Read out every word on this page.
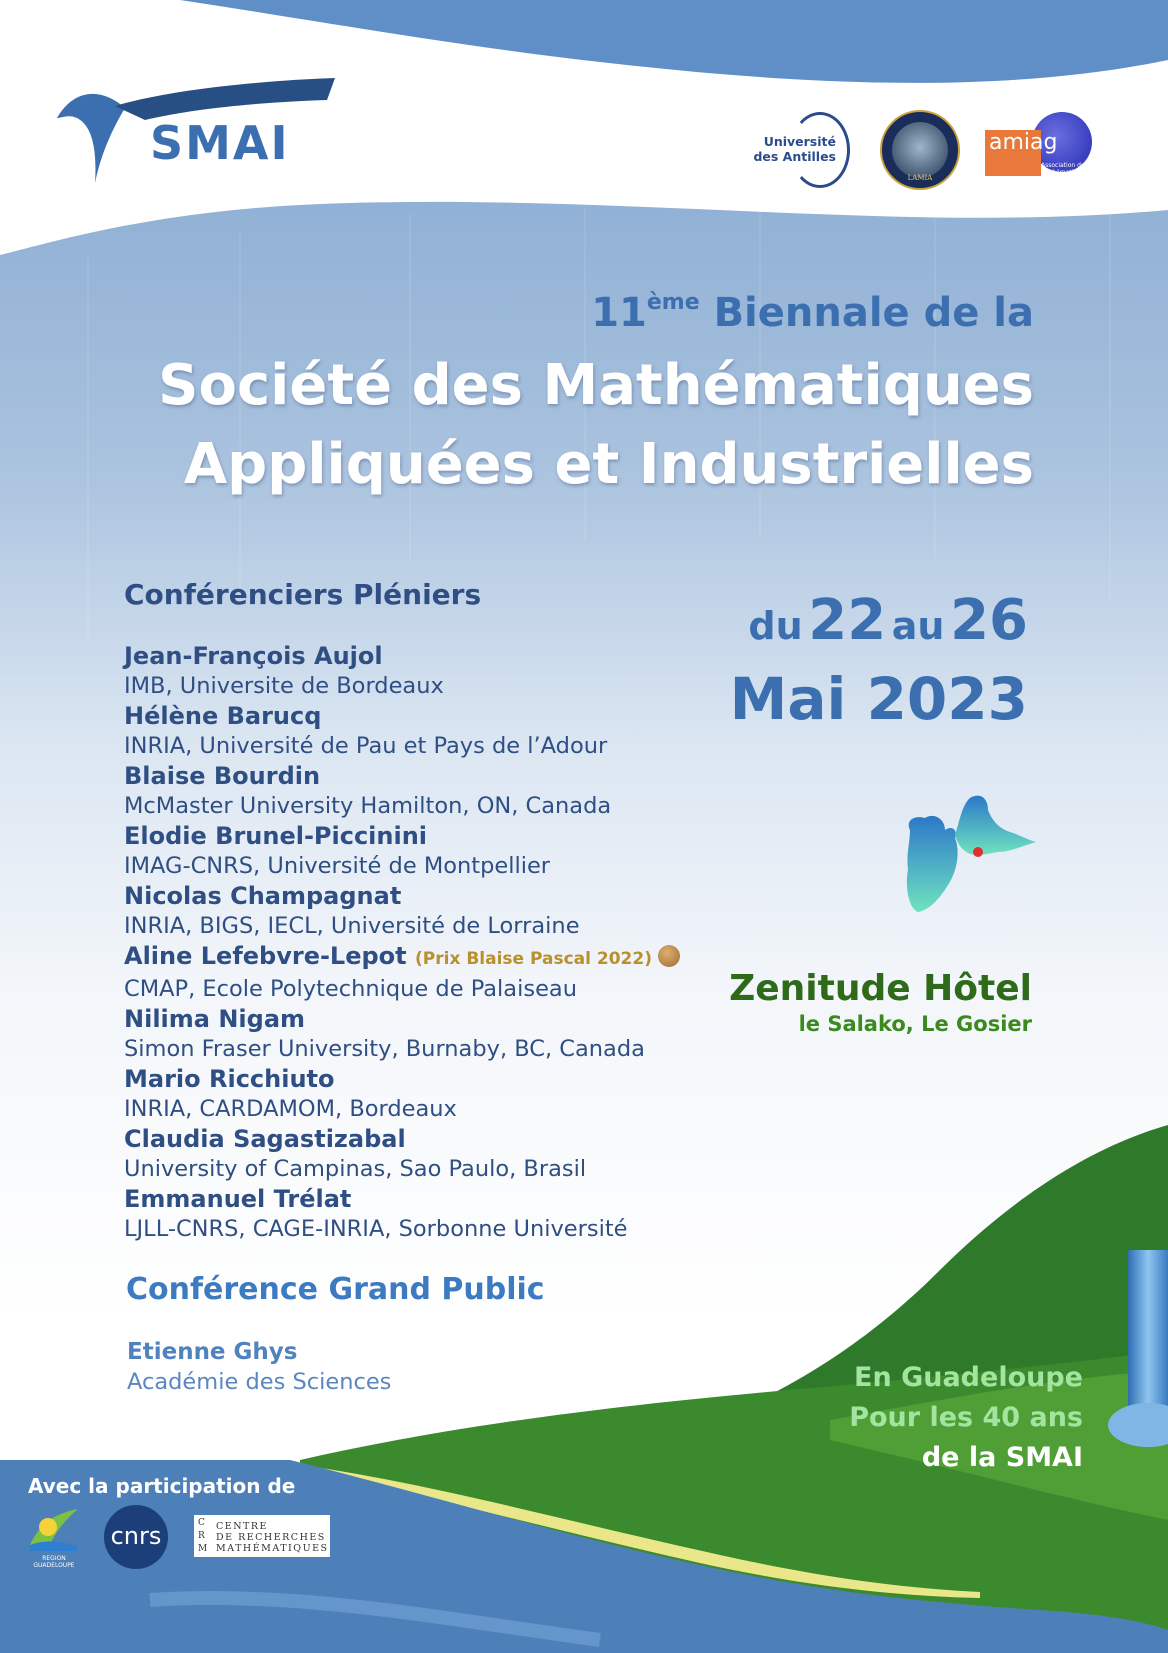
SMAI	Université
des Antilles
LAMIA
amiag
Association des Mathématiciens et Informaticiens des Antilles et de la Guyane
11ème Biennale de la
Société des Mathématiques
Appliquées et Industrielles
Conférenciers Pléniers
Jean-François Aujol
IMB, Universite de Bordeaux
Hélène Barucq
INRIA, Université de Pau et Pays de l’Adour
Blaise Bourdin
McMaster University Hamilton, ON, Canada
Elodie Brunel-Piccinini
IMAG-CNRS, Université de Montpellier
Nicolas Champagnat
INRIA, BIGS, IECL, Université de Lorraine
Aline Lefebvre-Lepot (Prix Blaise Pascal 2022)
CMAP, Ecole Polytechnique de Palaiseau
Nilima Nigam
Simon Fraser University, Burnaby, BC, Canada
Mario Ricchiuto
INRIA, CARDAMOM, Bordeaux
Claudia Sagastizabal
University of Campinas, Sao Paulo, Brasil
Emmanuel Trélat
LJLL-CNRS, CAGE-INRIA, Sorbonne Université
Conférence Grand Public
Etienne Ghys
Académie des Sciences
du 22 au 26
Mai 2023
Zenitude Hôtel
le Salako, Le Gosier
En Guadeloupe
Pour les 40 ans
de la SMAI
Avec la participation de
REGION GUADELOUPE
cnrs	C
R
M
CENTRE
DE RECHERCHES
MATHÉMATIQUES
